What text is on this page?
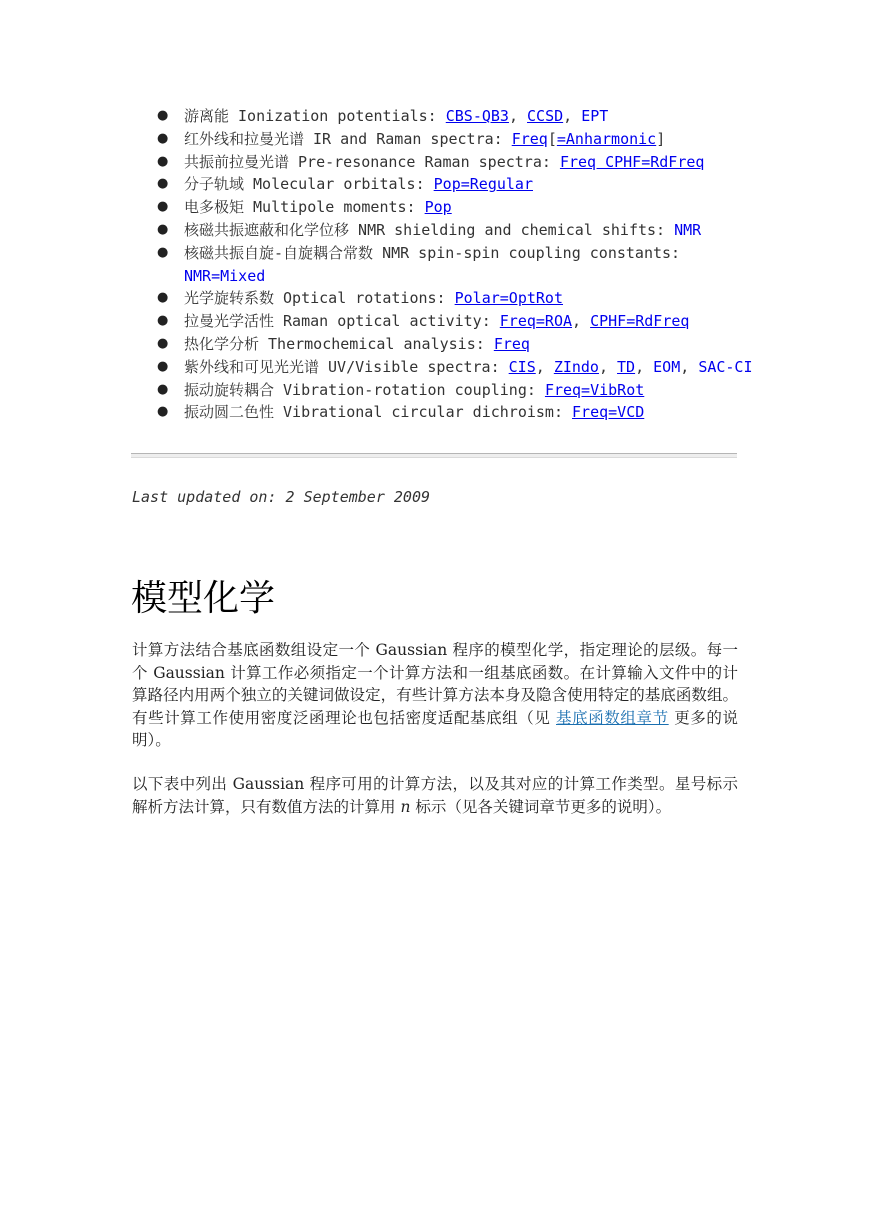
● 游离能 Ionization potentials: CBS-QB3, CCSD, EPT
● 红外线和拉曼光谱 IR and Raman spectra: Freq[=Anharmonic]
● 共振前拉曼光谱 Pre-resonance Raman spectra: Freq CPHF=RdFreq
● 分子轨域 Molecular orbitals: Pop=Regular
● 电多极矩 Multipole moments: Pop
● 核磁共振遮蔽和化学位移 NMR shielding and chemical shifts: NMR
● 核磁共振自旋-自旋耦合常数 NMR spin-spin coupling constants:
NMR=Mixed
● 光学旋转系数 Optical rotations: Polar=OptRot
● 拉曼光学活性 Raman optical activity: Freq=ROA, CPHF=RdFreq
● 热化学分析 Thermochemical analysis: Freq
● 紫外线和可见光光谱 UV/Visible spectra: CIS, ZIndo, TD, EOM, SAC-CI
● 振动旋转耦合 Vibration-rotation coupling: Freq=VibRot
● 振动圆二色性 Vibrational circular dichroism: Freq=VCD
Last updated on: 2 September 2009
模型化学

计算方法结合基底函数组设定一个 Gaussian 程序的模型化学，指定理论的层级。每一个 Gaussian 计算工作必须指定一个计算方法和一组基底函数。在计算输入文件中的计算路径内用两个独立的关键词做设定，有些计算方法本身及隐含使用特定的基底函数组。有些计算工作使用密度泛函理论也包括密度适配基底组（见 基底函数组章节 更多的说明）。

以下表中列出 Gaussian 程序可用的计算方法，以及其对应的计算工作类型。星号标示解析方法计算，只有数值方法的计算用 n 标示（见各关键词章节更多的说明）。
